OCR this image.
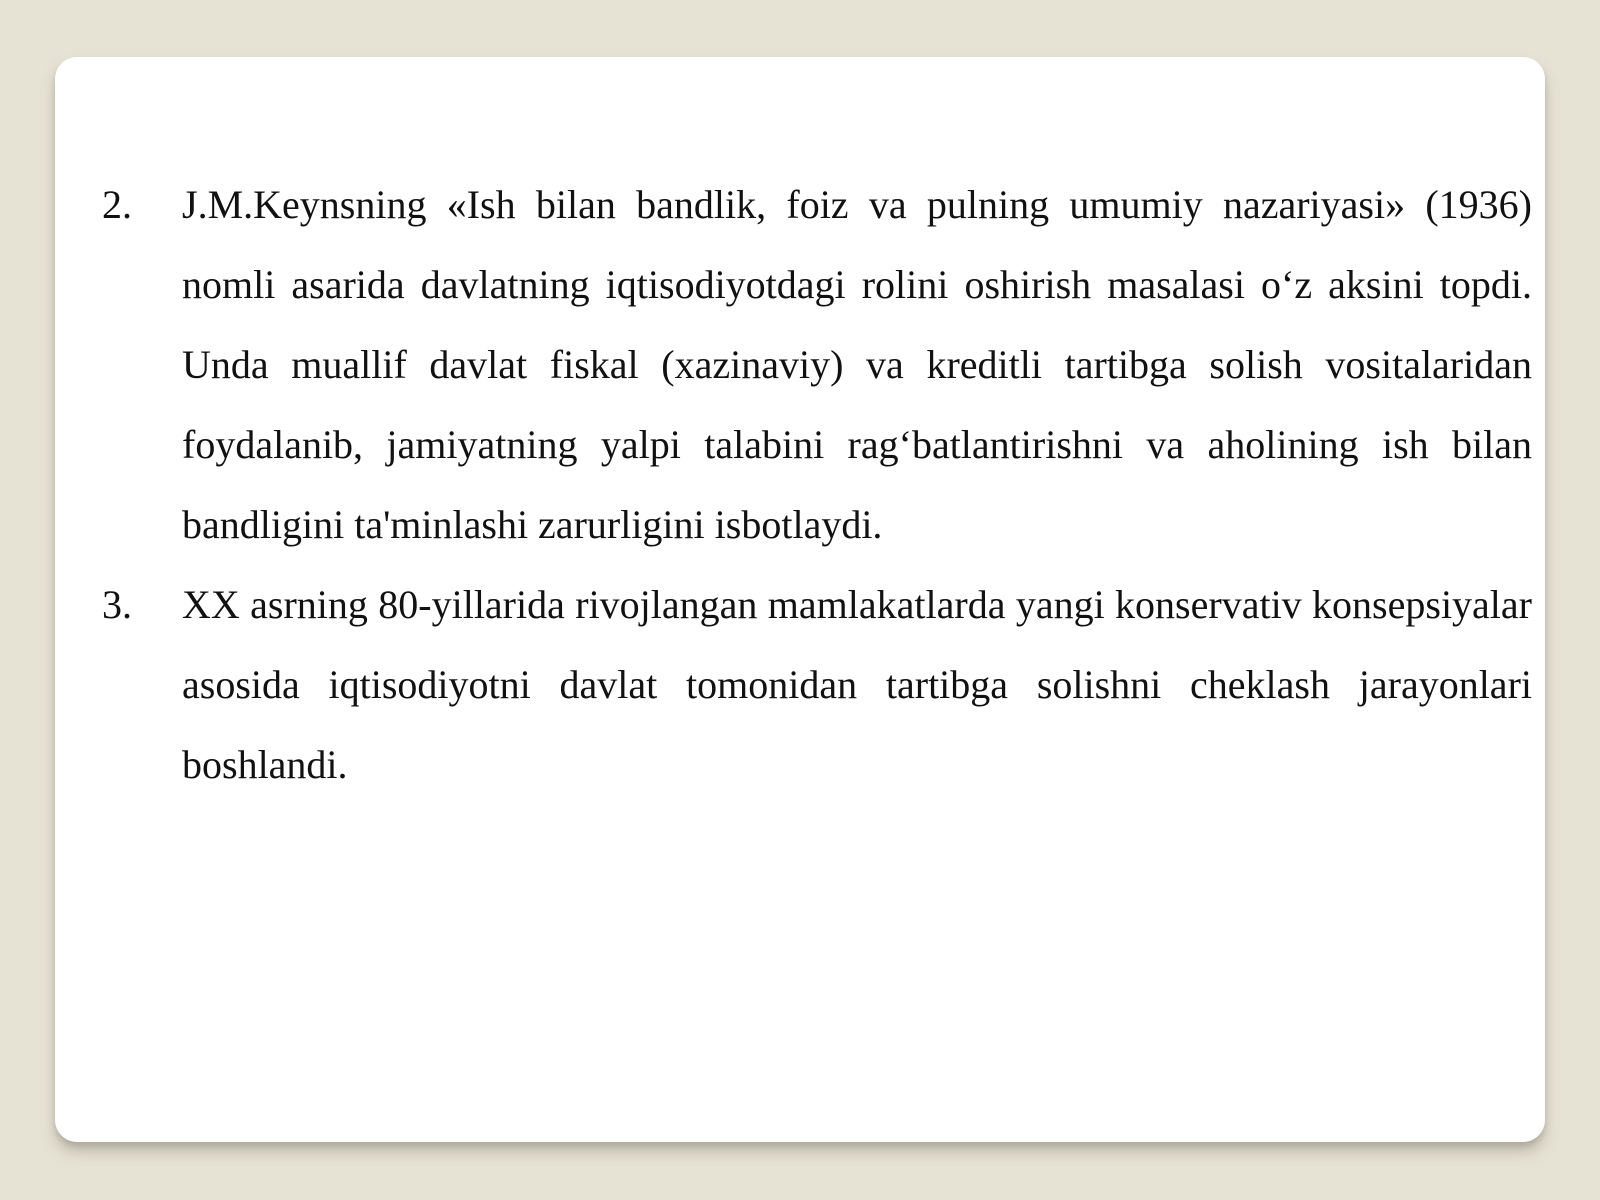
2.	J.M.Keynsning «Ish bilan bandlik, foiz va pulning umumiy nazariyasi» (1936) nomli asarida davlatning iqtisodiyotdagi rolini oshirish masalasi o‘z aksini topdi. Unda muallif davlat fiskal (xazinaviy) va kreditli tartibga solish vositalaridan foydalanib, jamiyatning yalpi talabini rag‘batlantirishni va aholining ish bilan bandligini ta'minlashi zarurligini isbotlaydi.
3.	XX asrning 80-yillarida rivojlangan mamlakatlarda yangi konservativ konsepsiyalar asosida iqtisodiyotni davlat tomonidan tartibga solishni cheklash jarayonlari boshlandi.
